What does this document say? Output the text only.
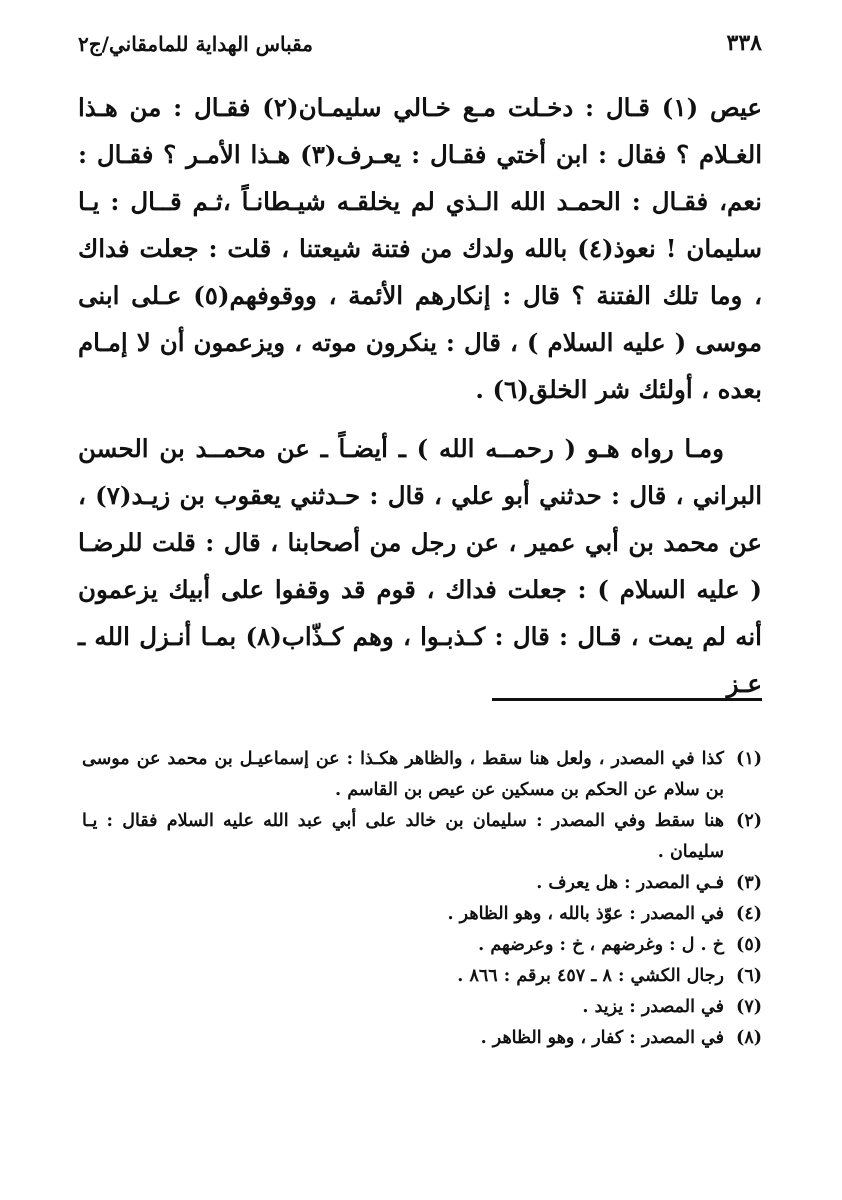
٣٣٨
مقباس الهداية للمامقاني/ج٢

عيص (١) قـال : دخـلت مـع خـالي سليمـان(٢) فقـال : من هـذا الغـلام ؟ فقال : ابن أختي فقـال : يعـرف(٣) هـذا الأمـر ؟ فقـال : نعم، فقـال : الحمـد الله الـذي لم يخلقـه شيـطانـاً ،ثـم قــال : يـا سليمان ! نعوذ(٤) بالله ولدك من فتنة شيعتنا ، قلت : جعلت فداك ، وما تلك الفتنة ؟ قال : إنكارهم الأئمة ، ووقوفهم(٥) عـلى ابنى موسى ( عليه السلام ) ، قال : ينكرون موته ، ويزعمون أن لا إمـام بعده ، أولئك شر الخلق(٦) .

ومـا رواه هـو ( رحمــه الله ) ـ أيضـاً ـ عن محمــد بن الحسن البراني ، قال : حدثني أبو علي ، قال : حـدثني يعقوب بن زيـد(٧) ، عن محمد بن أبي عمير ، عن رجل من أصحابنا ، قال : قلت للرضـا ( عليه السلام ) : جعلت فداك ، قوم قد وقفوا على أبيك يزعمون أنه لم يمت ، قـال : قال : كـذبـوا ، وهم كـذّاب(٨) بمـا أنـزل الله ـ عـز

(١)
كذا في المصدر ، ولعل هنا سقط ، والظاهر هكـذا : عن إسماعيـل بن محمد عن موسى بن سلام عن الحكم بن مسكين عن عيص بن القاسم .
(٢)
هنا سقط وفي المصدر : سليمان بن خالد على أبي عبد الله عليه السلام فقال : يـا سليمان .
(٣)
فـي المصدر : هل يعرف .
(٤)
في المصدر : عوّذ بالله ، وهو الظاهر .
(٥)
خ . ل : وغرضهم ، خ : وعرضهم .
(٦)
رجال الكشي : ٨ ـ ٤٥٧ برقم : ٨٦٦ .
(٧)
في المصدر : يزيد .
(٨)
في المصدر : كفار ، وهو الظاهر .
